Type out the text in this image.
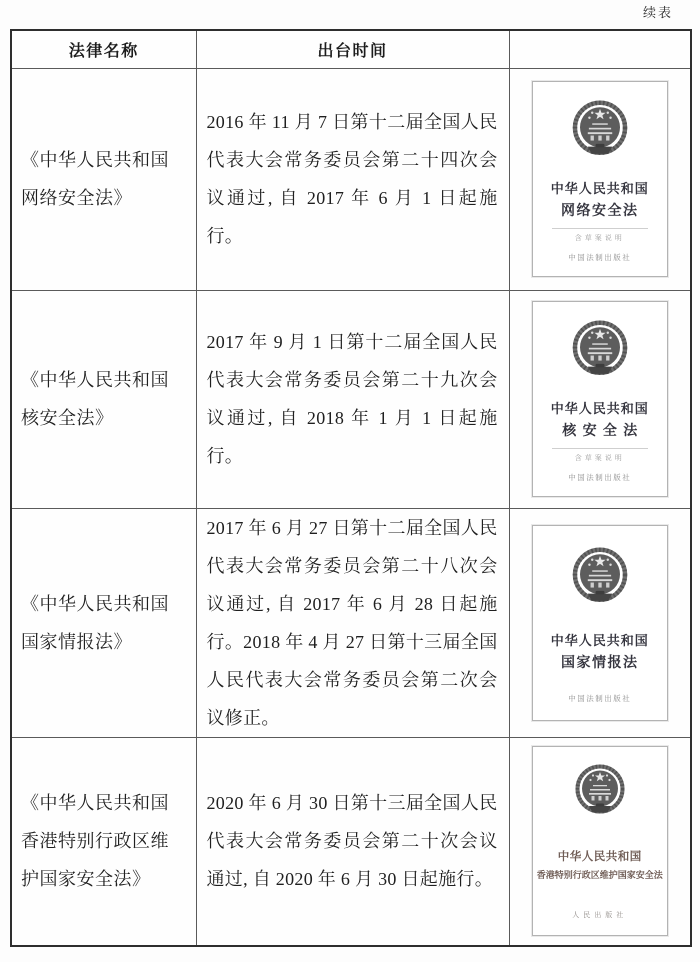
续表
法律名称	出台时间	

《中华人民共和国网络安全法》	2016 年 11 月 7 日第十二届全国人民代表大会常务委员会第二十四次会议通过, 自 2017 年 6 月 1 日起施行。	中华人民共和国
网络安全法
含草案说明
中国法制出版社

《中华人民共和国核安全法》	2017 年 9 月 1 日第十二届全国人民代表大会常务委员会第二十九次会议通过, 自 2018 年 1 月 1 日起施行。	中华人民共和国
核安全法
含草案说明
中国法制出版社

《中华人民共和国国家情报法》	2017 年 6 月 27 日第十二届全国人民代表大会常务委员会第二十八次会议通过, 自 2017 年 6 月 28 日起施行。2018 年 4 月 27 日第十三届全国人民代表大会常务委员会第二次会议修正。	中华人民共和国
国家情报法
中国法制出版社

《中华人民共和国香港特别行政区维护国家安全法》	2020 年 6 月 30 日第十三届全国人民代表大会常务委员会第二十次会议通过, 自 2020 年 6 月 30 日起施行。	中华人民共和国
香港特别行政区维护国家安全法
人民出版社
